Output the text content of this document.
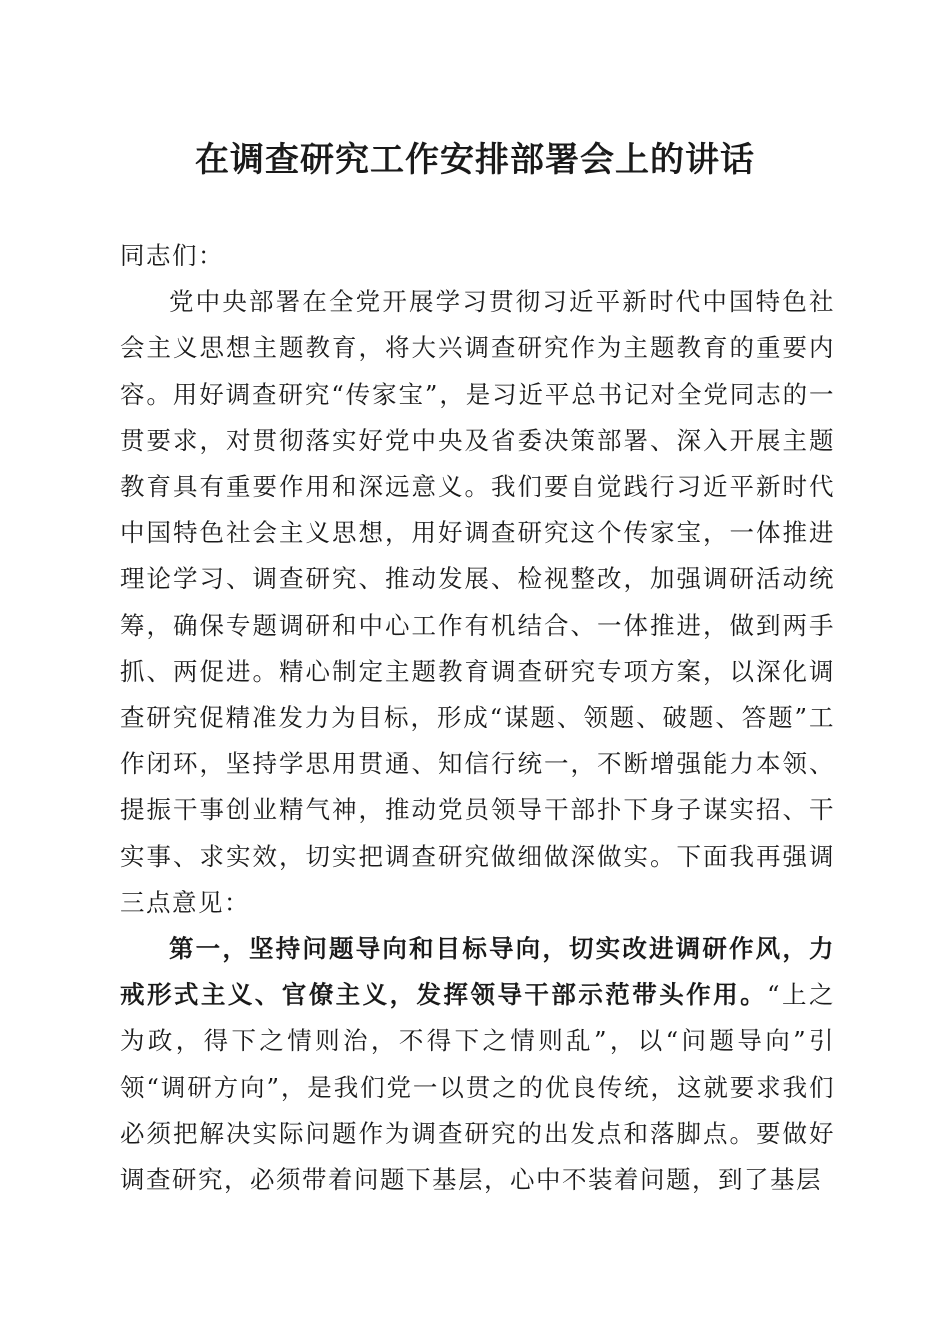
在调查研究工作安排部署会上的讲话

同志们：

党中央部署在全党开展学习贯彻习近平新时代中国特色社会主义思想主题教育，将大兴调查研究作为主题教育的重要内容。用好调查研究“传家宝”，是习近平总书记对全党同志的一贯要求，对贯彻落实好党中央及省委决策部署、深入开展主题教育具有重要作用和深远意义。我们要自觉践行习近平新时代中国特色社会主义思想，用好调查研究这个传家宝，一体推进理论学习、调查研究、推动发展、检视整改，加强调研活动统筹，确保专题调研和中心工作有机结合、一体推进，做到两手抓、两促进。精心制定主题教育调查研究专项方案，以深化调查研究促精准发力为目标，形成“谋题、领题、破题、答题”工作闭环，坚持学思用贯通、知信行统一，不断增强能力本领、提振干事创业精气神，推动党员领导干部扑下身子谋实招、干实事、求实效，切实把调查研究做细做深做实。下面我再强调三点意见：

第一，坚持问题导向和目标导向，切实改进调研作风，力戒形式主义、官僚主义，发挥领导干部示范带头作用。“上之为政，得下之情则治，不得下之情则乱”，以“问题导向”引领“调研方向”，是我们党一以贯之的优良传统，这就要求我们必须把解决实际问题作为调查研究的出发点和落脚点。要做好调查研究，必须带着问题下基层，心中不装着问题，到了基层
